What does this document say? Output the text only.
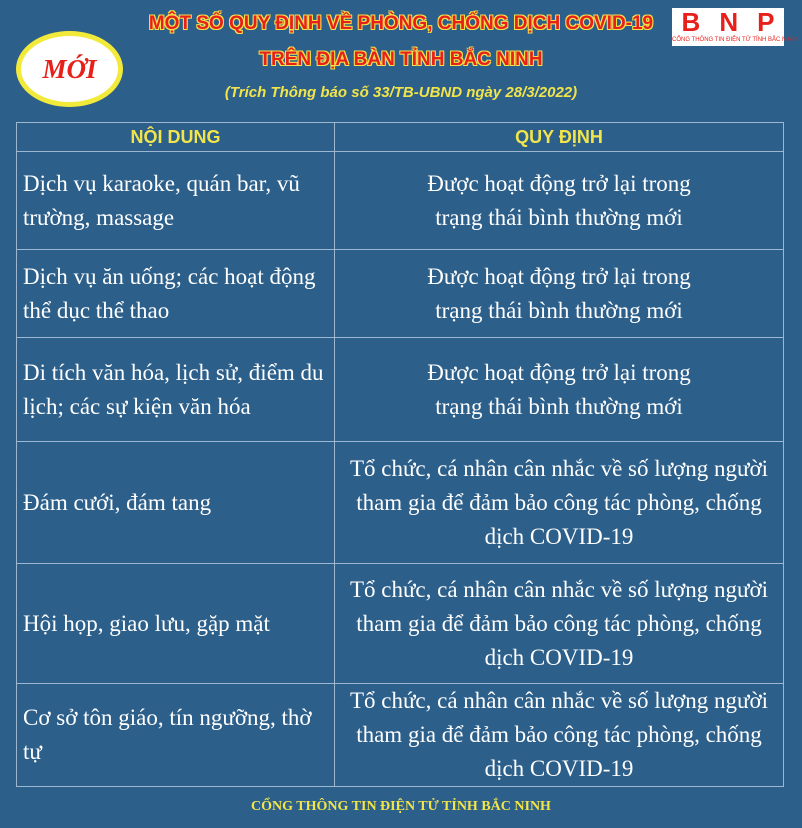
MỚI
MỘT SỐ QUY ĐỊNH VỀ PHÒNG, CHỐNG DỊCH COVID-19
TRÊN ĐỊA BÀN TỈNH BẮC NINH
(Trích Thông báo số 33/TB-UBND ngày 28/3/2022)
B N P
CỔNG THÔNG TIN ĐIỆN TỬ TỈNH BẮC NINH
NỘI DUNG	QUY ĐỊNH
Dịch vụ karaoke, quán bar, vũ trường, massage	Được hoạt động trở lại trong trạng thái bình thường mới
Dịch vụ ăn uống; các hoạt động thể dục thể thao	Được hoạt động trở lại trong trạng thái bình thường mới
Di tích văn hóa, lịch sử, điểm du lịch; các sự kiện văn hóa	Được hoạt động trở lại trong trạng thái bình thường mới
Đám cưới, đám tang	Tổ chức, cá nhân cân nhắc về số lượng người tham gia để đảm bảo công tác phòng, chống dịch COVID-19
Hội họp, giao lưu, gặp mặt	Tổ chức, cá nhân cân nhắc về số lượng người tham gia để đảm bảo công tác phòng, chống dịch COVID-19
Cơ sở tôn giáo, tín ngưỡng, thờ tự	Tổ chức, cá nhân cân nhắc về số lượng người tham gia để đảm bảo công tác phòng, chống dịch COVID-19
CỔNG THÔNG TIN ĐIỆN TỬ TỈNH BẮC NINH
